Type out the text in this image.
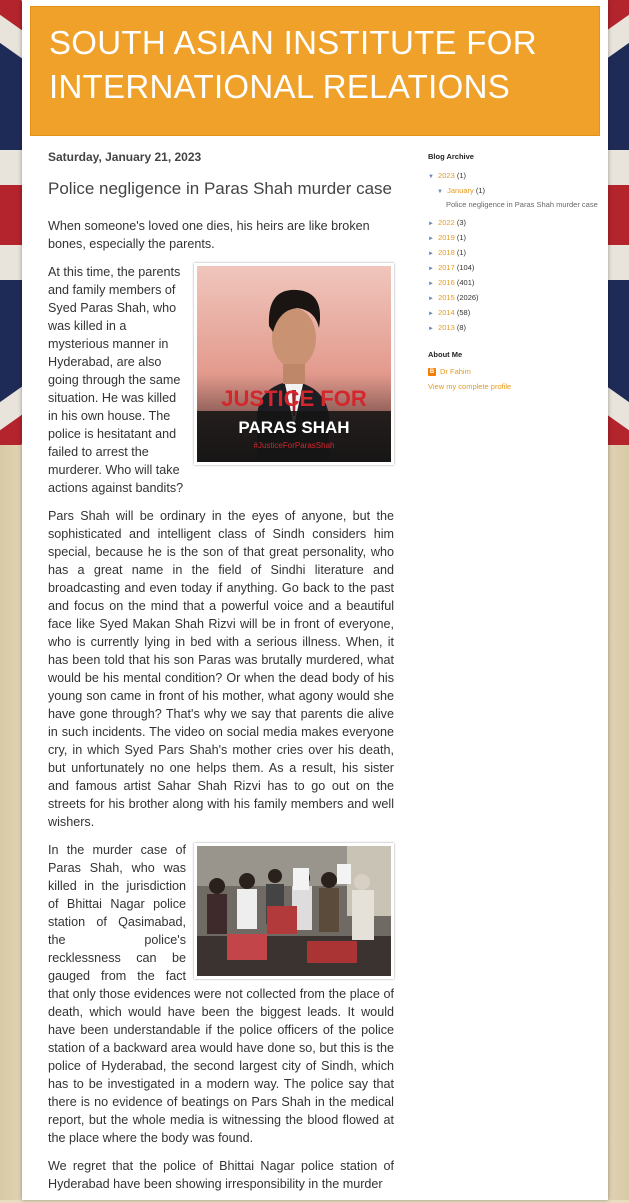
SOUTH ASIAN INSTITUTE FOR INTERNATIONAL RELATIONS
Saturday, January 21, 2023
Police negligence in Paras Shah murder case

When someone's loved one dies, his heirs are like broken bones, especially the parents.

JUSTICE FOR
PARAS SHAH
#JusticeForParasShah

At this time, the parents and family members of Syed Paras Shah, who was killed in a mysterious manner in Hyderabad, are also going through the same situation. He was killed in his own house. The police is hesitatant and failed to arrest the murderer. Who will take actions against bandits?

Pars Shah will be ordinary in the eyes of anyone, but the sophisticated and intelligent class of Sindh considers him special, because he is the son of that great personality, who has a great name in the field of Sindhi literature and broadcasting and even today if anything. Go back to the past and focus on the mind that a powerful voice and a beautiful face like Syed Makan Shah Rizvi will be in front of everyone, who is currently lying in bed with a serious illness. When, it has been told that his son Paras was brutally murdered, what would be his mental condition? Or when the dead body of his young son came in front of his mother, what agony would she have gone through? That's why we say that parents die alive in such incidents. The video on social media makes everyone cry, in which Syed Pars Shah's mother cries over his death, but unfortunately no one helps them. As a result, his sister and famous artist Sahar Shah Rizvi has to go out on the streets for his brother along with his family members and well wishers.

In the murder case of Paras Shah, who was killed in the jurisdiction of Bhittai Nagar police station of Qasimabad, the police's recklessness can be gauged from the fact that only those evidences were not collected from the place of death, which would have been the biggest leads. It would have been understandable if the police officers of the police station of a backward area would have done so, but this is the police of Hyderabad, the second largest city of Sindh, which has to be investigated in a modern way. The police say that there is no evidence of beatings on Pars Shah in the medical report, but the whole media is witnessing the blood flowed at the place where the body was found.

We regret that the police of Bhittai Nagar police station of Hyderabad have been showing irresponsibility in the murder

Blog Archive
▼ 2023 (1)
▼ January (1)
Police negligence in Paras Shah murder case
► 2022 (3)
► 2019 (1)
► 2018 (1)
► 2017 (104)
► 2016 (401)
► 2015 (2026)
► 2014 (58)
► 2013 (8)
About Me
B Dr Fahim
View my complete profile
